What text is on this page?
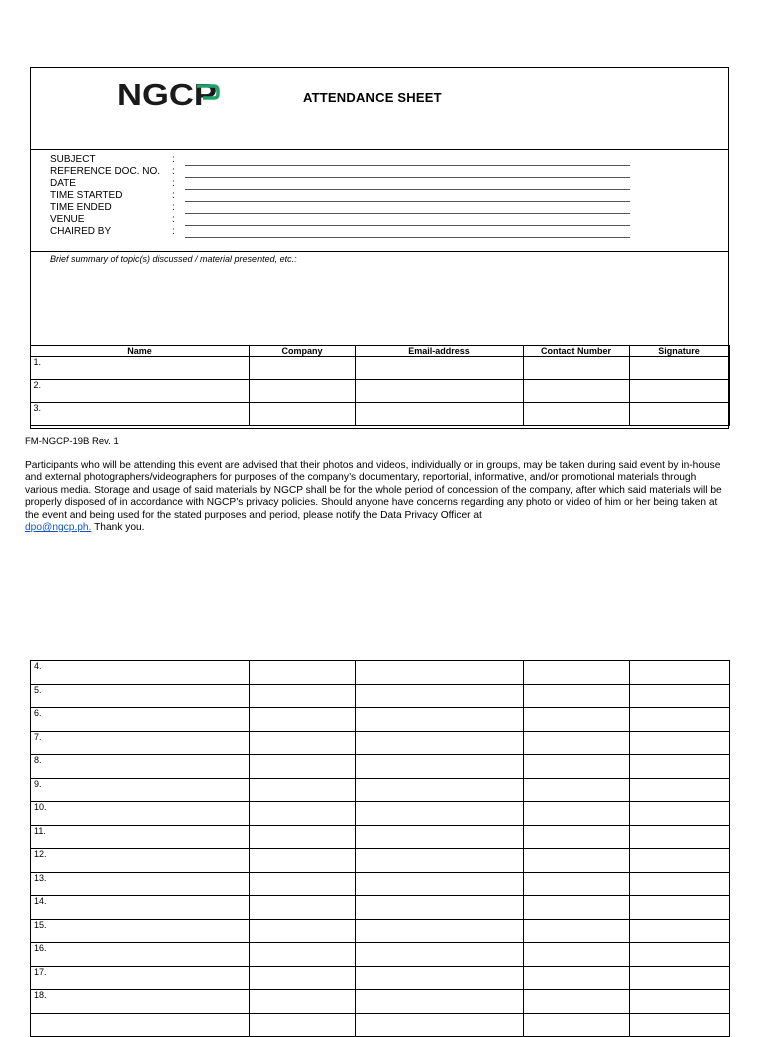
NGCP	ATTENDANCE SHEET
SUBJECT	:
REFERENCE DOC. NO. :
DATE	:
TIME STARTED	:
TIME ENDED	:
VENUE	:
CHAIRED BY	:
Brief summary of topic(s) discussed / material presented, etc.:
Name	Company	Email-address	Contact Number	Signature
1.				
2.				
3.				
FM-NGCP-19B Rev. 1
Participants who will be attending this event are advised that their photos and videos, individually or in groups, may be taken during said event by in-house and external photographers/videographers for purposes of the company’s documentary, reportorial, informative, and/or promotional materials through various media. Storage and usage of said materials by NGCP shall be for the whole period of concession of the company, after which said materials will be properly disposed of in accordance with NGCP’s privacy policies. Should anyone have concerns regarding any photo or video of him or her being taken at the event and being used for the stated purposes and period, please notify the Data Privacy Officer at
dpo@ngcp.ph. Thank you.
4.				
5.				
6.				
7.				
8.				
9.				
10.				
11.				
12.				
13.				
14.				
15.				
16.				
17.				
18.				
